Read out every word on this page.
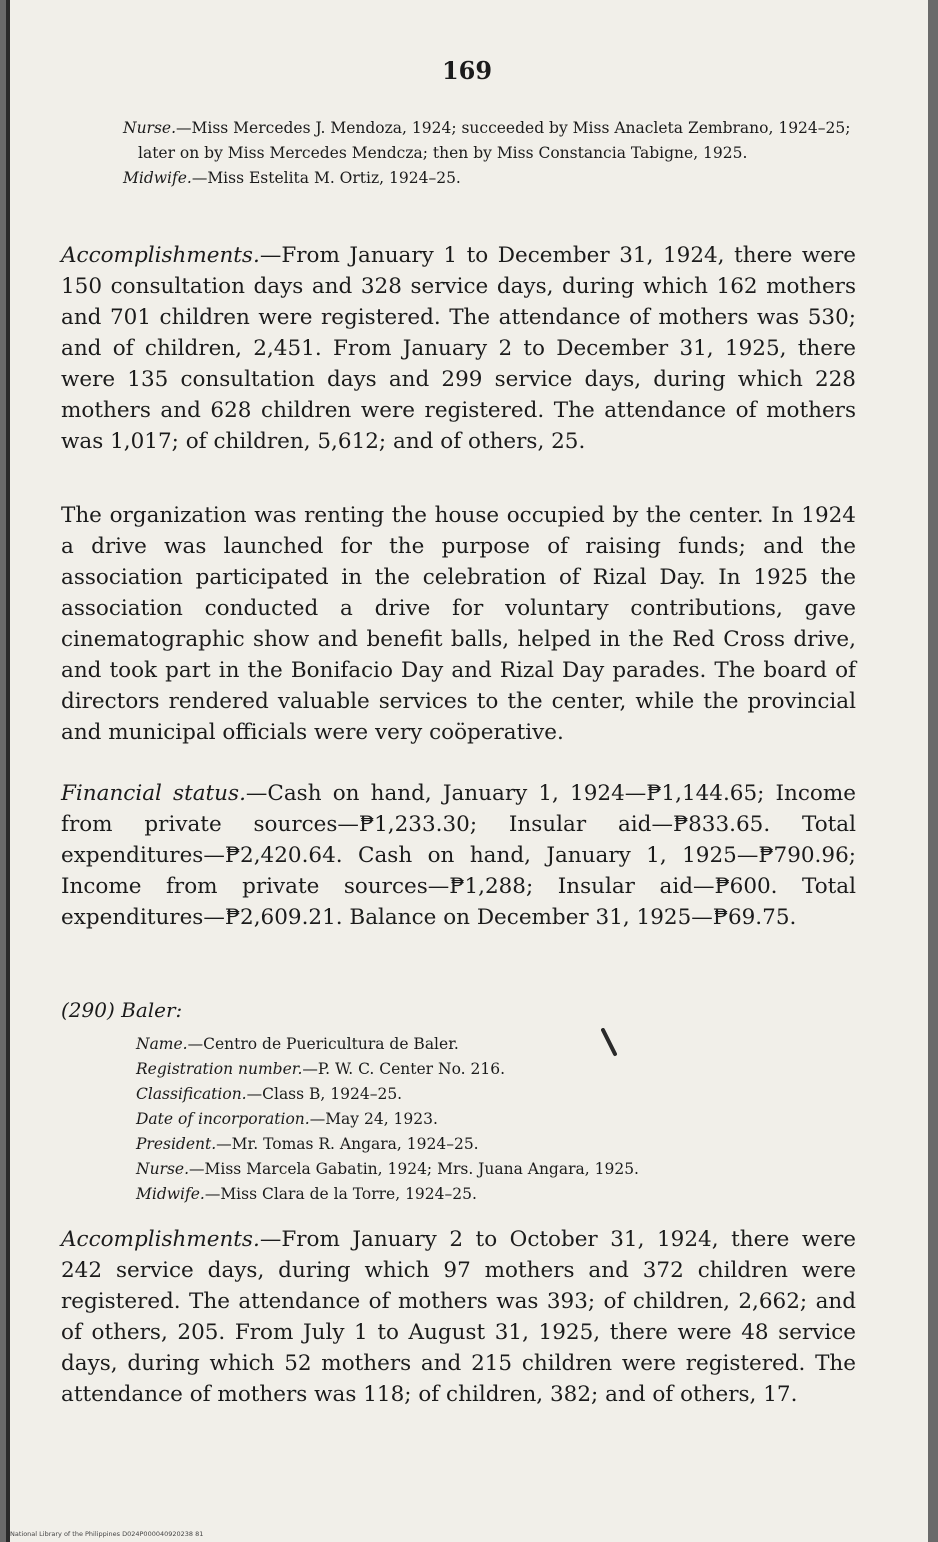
169

Nurse.—Miss Mercedes J. Mendoza, 1924; succeeded by Miss Anacleta Zembrano, 1924–25; later on by Miss Mercedes Mendcza; then by Miss Constancia Tabigne, 1925.

Midwife.—Miss Estelita M. Ortiz, 1924–25.

Accomplishments.—From January 1 to December 31, 1924, there were 150 consultation days and 328 service days, during which 162 mothers and 701 children were registered. The attendance of mothers was 530; and of children, 2,451. From January 2 to December 31, 1925, there were 135 consultation days and 299 service days, during which 228 mothers and 628 children were registered. The attendance of mothers was 1,017; of children, 5,612; and of others, 25.

The organization was renting the house occupied by the center. In 1924 a drive was launched for the purpose of raising funds; and the association participated in the celebration of Rizal Day. In 1925 the association conducted a drive for voluntary contributions, gave cinematographic show and benefit balls, helped in the Red Cross drive, and took part in the Bonifacio Day and Rizal Day parades. The board of directors rendered valuable services to the center, while the provincial and municipal officials were very coöperative.

Financial status.—Cash on hand, January 1, 1924—₱1,144.65; Income from private sources—₱1,233.30; Insular aid—₱833.65. Total expenditures—₱2,420.64. Cash on hand, January 1, 1925—₱790.96; Income from private sources—₱1,288; Insular aid—₱600. Total expenditures—₱2,609.21. Balance on December 31, 1925—₱69.75.

(290) Baler:

Name.—Centro de Puericultura de Baler.

Registration number.—P. W. C. Center No. 216.

Classification.—Class B, 1924–25.

Date of incorporation.—May 24, 1923.

President.—Mr. Tomas R. Angara, 1924–25.

Nurse.—Miss Marcela Gabatin, 1924; Mrs. Juana Angara, 1925.

Midwife.—Miss Clara de la Torre, 1924–25.

Accomplishments.—From January 2 to October 31, 1924, there were 242 service days, during which 97 mothers and 372 children were registered. The attendance of mothers was 393; of children, 2,662; and of others, 205. From July 1 to August 31, 1925, there were 48 service days, during which 52 mothers and 215 children were registered. The attendance of mothers was 118; of children, 382; and of others, 17.

National Library of the Philippines D024P000040920238 81
